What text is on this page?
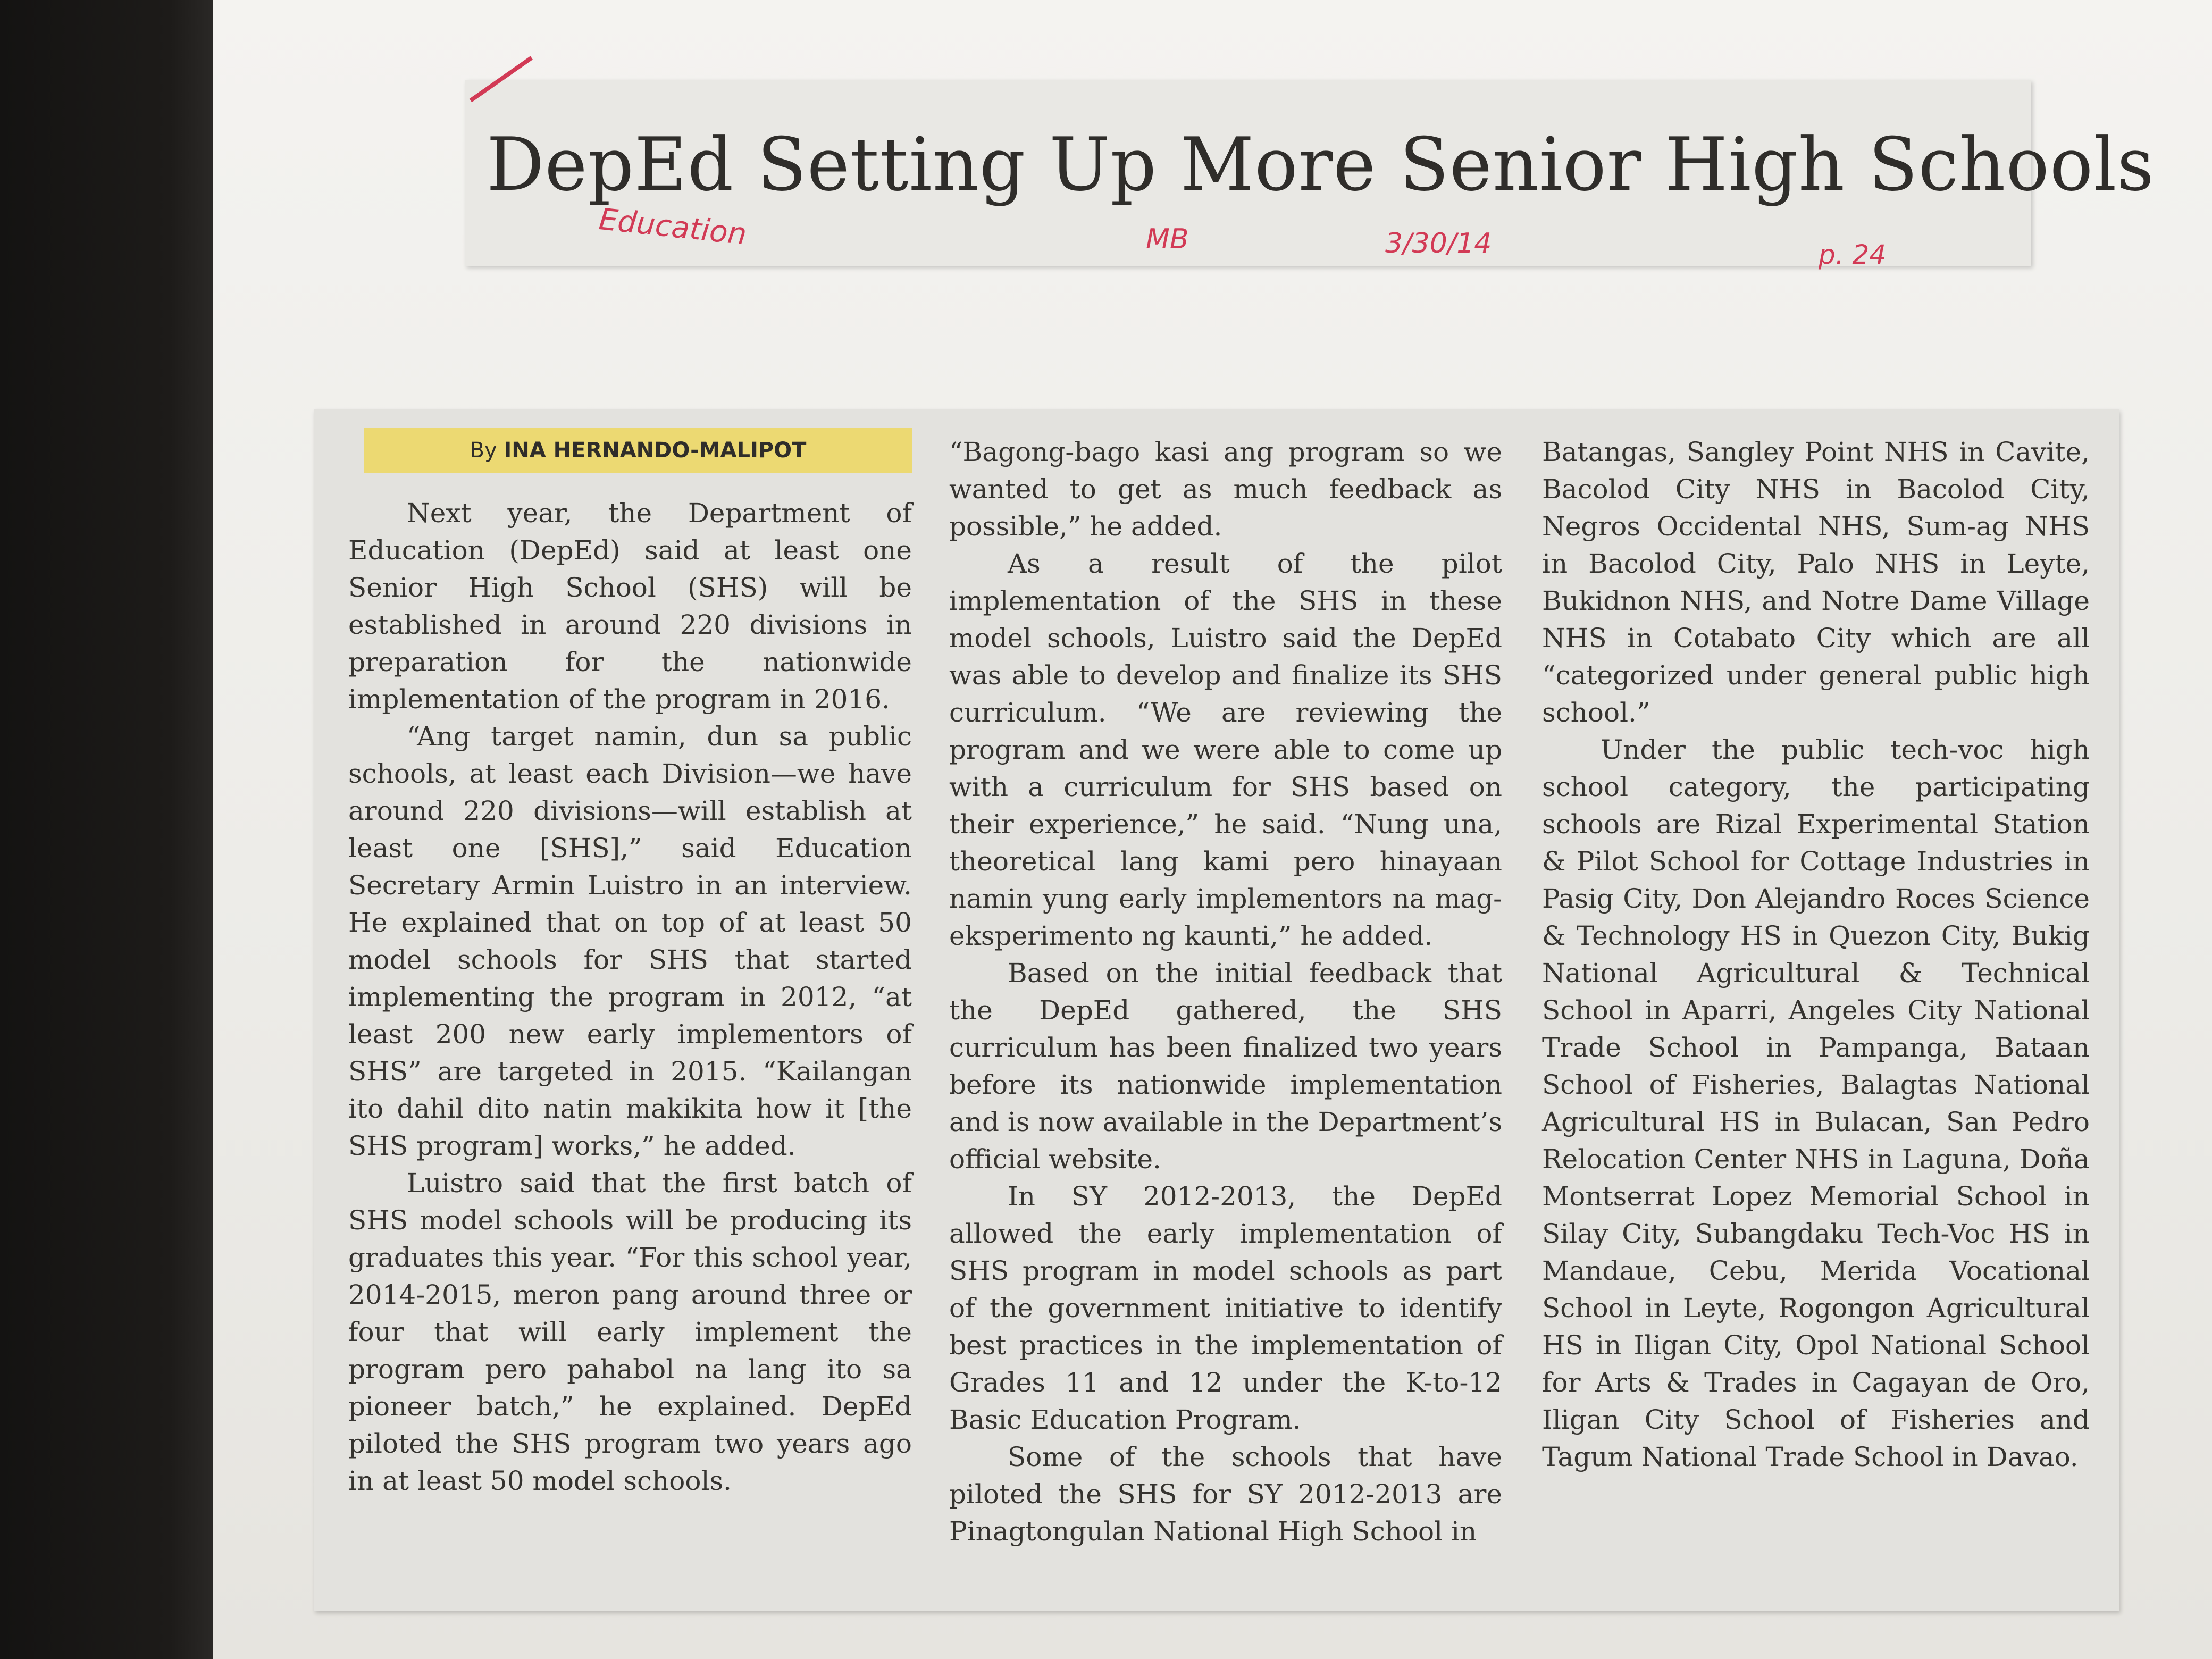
DepEd Setting Up More Senior High Schools
Education	MB	3/30/14	p. 24
By INA HERNANDO-MALIPOT

Next year, the Department of Education (DepEd) said at least one Senior High School (SHS) will be established in around 220 divisions in preparation for the nationwide implementation of the program in 2016.

“Ang target namin, dun sa public schools, at least each Division—we have around 220 divisions—will establish at least one [SHS],” said Education Secretary Armin Luistro in an interview. He explained that on top of at least 50 model schools for SHS that started implementing the program in 2012, “at least 200 new early implementors of SHS” are targeted in 2015. “Kailangan ito dahil dito natin makikita how it [the SHS program] works,” he added.

Luistro said that the first batch of SHS model schools will be producing its graduates this year. “For this school year, 2014-2015, meron pang around three or four that will early implement the program pero pahabol na lang ito sa pioneer batch,” he explained. DepEd piloted the SHS program two years ago in at least 50 model schools.

“Bagong-bago kasi ang program so we wanted to get as much feedback as possible,” he added.

As a result of the pilot implementation of the SHS in these model schools, Luistro said the DepEd was able to develop and finalize its SHS curriculum. “We are reviewing the program and we were able to come up with a curriculum for SHS based on their experience,” he said. “Nung una, theoretical lang kami pero hinayaan namin yung early implementors na mag-eksperimento ng kaunti,” he added.

Based on the initial feedback that the DepEd gathered, the SHS curriculum has been finalized two years before its nationwide implementation and is now available in the Department’s official website.

In SY 2012-2013, the DepEd allowed the early implementation of SHS program in model schools as part of the government initiative to identify best practices in the implementation of Grades 11 and 12 under the K-to-12 Basic Education Program.

Some of the schools that have piloted the SHS for SY 2012-2013 are Pinagtongulan National High School in

Batangas, Sangley Point NHS in Cavite, Bacolod City NHS in Bacolod City, Negros Occidental NHS, Sum-ag NHS in Bacolod City, Palo NHS in Leyte, Bukidnon NHS, and Notre Dame Village NHS in Cotabato City which are all “categorized under general public high school.”

Under the public tech-voc high school category, the participating schools are Rizal Experimental Station & Pilot School for Cottage Industries in Pasig City, Don Alejandro Roces Science & Technology HS in Quezon City, Bukig National Agricultural & Technical School in Aparri, Angeles City National Trade School in Pampanga, Bataan School of Fisheries, Balagtas National Agricultural HS in Bulacan, San Pedro Relocation Center NHS in Laguna, Doña Montserrat Lopez Memorial School in Silay City, Subangdaku Tech-Voc HS in Mandaue, Cebu, Merida Vocational School in Leyte, Rogongon Agricultural HS in Iligan City, Opol National School for Arts & Trades in Cagayan de Oro, Iligan City School of Fisheries and Tagum National Trade School in Davao.
